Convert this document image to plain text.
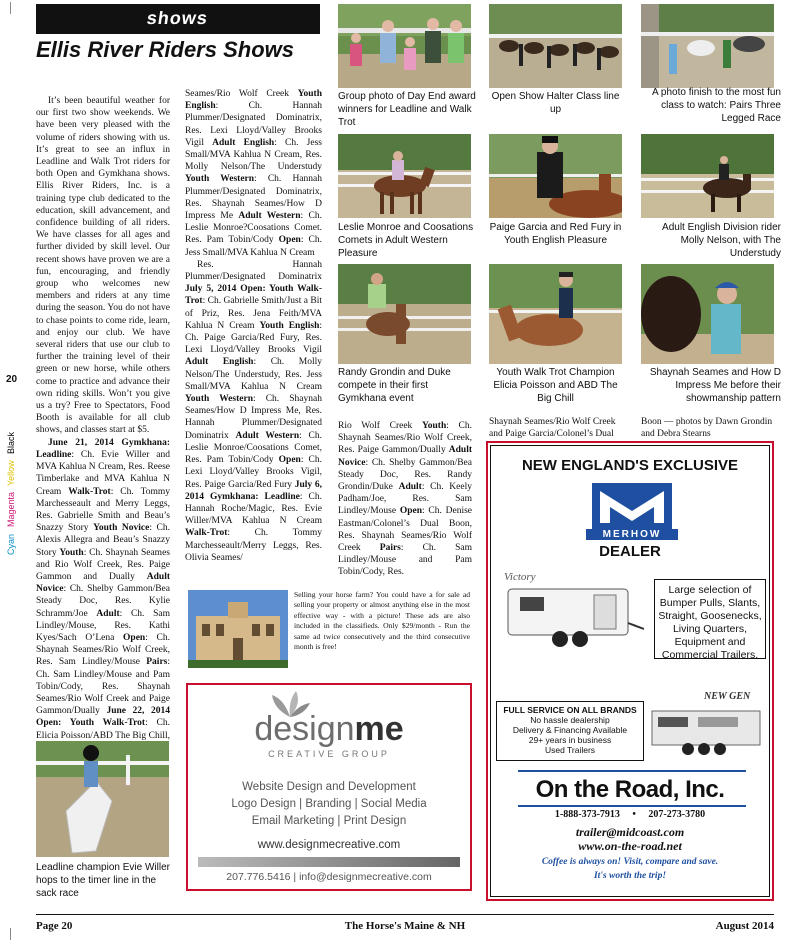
20
Cyan Magenta Yellow Black
shows
Ellis River Riders Shows

It’s been beautiful weather for our first two show weekends. We have been very pleased with the volume of riders showing with us. It’s great to see an influx in Leadline and Walk Trot riders for both Open and Gymkhana shows. Ellis River Riders, Inc. is a training type club dedicated to the education, skill advancement, and confidence building of all riders. We have classes for all ages and further divided by skill level. Our recent shows have proven we are a fun, encouraging, and friendly group who welcomes new members and riders at any time during the season. You do not have to chase points to come ride, learn, and enjoy our club. We have several riders that use our club to further the training level of their green or new horse, while others come to practice and advance their own riding skills. Won’t you give us a try? Free to Spectators, Food Booth is available for all club shows, and classes start at $5.

June 21, 2014 Gymkhana: Leadline: Ch. Evie Willer and MVA Kahlua N Cream, Res. Reese Timberlake and MVA Kahlua N Cream Walk-Trot: Ch. Tommy Marchesseault and Merry Leggs, Res. Gabrielle Smith and Beau’s Snazzy Story Youth Novice: Ch. Alexis Allegra and Beau’s Snazzy Story Youth: Ch. Shaynah Seames and Rio Wolf Creek, Res. Paige Gammon and Dually Adult Novice: Ch. Shelby Gammon/Bea Steady Doc, Res. Kylie Schramm/Joe Adult: Ch. Sam Lindley/Mouse, Res. Kathi Kyes/Sach O’Lena Open: Ch. Shaynah Seames/Rio Wolf Creek, Res. Sam Lindley/Mouse Pairs: Ch. Sam Lindley/Mouse and Pam Tobin/Cody, Res. Shaynah Seames/Rio Wolf Creek and Paige Gammon/Dually June 22, 2014 Open: Youth Walk-Trot: Ch. Elicia Poisson/ABD The Big Chill,

Seames/Rio Wolf Creek Youth English: Ch. Hannah Plummer/Designated Dominatrix, Res. Lexi Lloyd/Valley Brooks Vigil Adult English: Ch. Jess Small/MVA Kahlua N Cream, Res. Molly Nelson/The Understudy Youth Western: Ch. Hannah Plummer/Designated Dominatrix, Res. Shaynah Seames/How D Impress Me Adult Western: Ch. Leslie Monroe?Coosations Comet. Res. Pam Tobin/Cody Open: Ch. Jess Small/MVA Kahlua N Cream

Res. Hannah Plummer/Designated Dominatrix July 5, 2014 Open: Youth Walk-Trot: Ch. Gabrielle Smith/Just a Bit of Priz, Res. Jena Feith/MVA Kahlua N Cream Youth English: Ch. Paige Garcia/Red Fury, Res. Lexi Lloyd/Valley Brooks Vigil Adult English: Ch. Molly Nelson/The Understudy, Res. Jess Small/MVA Kahlua N Cream Youth Western: Ch. Shaynah Seames/How D Impress Me, Res. Hannah Plummer/Designated Dominatrix Adult Western: Ch. Leslie Monroe/Coosations Comet, Res. Pam Tobin/Cody Open: Ch. Lexi Lloyd/Valley Brooks Vigil, Res. Paige Garcia/Red Fury July 6, 2014 Gymkhana: Leadline: Ch. Hannah Roche/Magic, Res. Evie Willer/MVA Kahlua N Cream Walk-Trot: Ch. Tommy Marchesseault/Merry Leggs, Res. Olivia Seames/

Group photo of Day End award winners for Leadline and Walk Trot
Open Show Halter Class line up
A photo finish to the most fun class to watch: Pairs Three Legged Race
Leslie Monroe and Coosations Comets in Adult Western Pleasure
Paige Garcia and Red Fury in Youth English Pleasure
Adult English Division rider Molly Nelson, with The Understudy
Randy Grondin and Duke compete in their first Gymkhana event
Youth Walk Trot Champion Elicia Poisson and ABD The Big Chill
Shaynah Seames and How D Impress Me before their showmanship pattern

Rio Wolf Creek Youth: Ch. Shaynah Seames/Rio Wolf Creek, Res. Paige Gammon/Dually Adult Novice: Ch. Shelby Gammon/Bea Steady Doc, Res. Randy Grondin/Duke Adult: Ch. Keely Padham/Joe, Res. Sam Lindley/Mouse Open: Ch. Denise Eastman/Colonel’s Dual Boon, Res. Shaynah Seames/Rio Wolf Creek Pairs: Ch. Sam Lindley/Mouse and Pam Tobin/Cody, Res.

Shaynah Seames/Rio Wolf Creek and Paige Garcia/Colonel’s Dual
Boon — photos by Dawn Grondin and Debra Stearns
NEW ENGLAND'S EXCLUSIVE
MERHOW
DEALER
Victory
Large selection of Bumper Pulls, Slants, Straight, Goosenecks, Living Quarters, Equipment and Commercial Trailers.
FULL SERVICE ON ALL BRANDS
No hassle dealership
Delivery & Financing Available
29+ years in business
Used Trailers
NEW GEN
On the Road, Inc.
1-888-373-7913 • 207-273-3780
trailer@midcoast.com
www.on-the-road.net
Coffee is always on! Visit, compare and save.
It's worth the trip!
Selling your horse farm? You could have a for sale ad selling your property or almost anything else in the most effective way - with a picture! These ads are also included in the classifieds. Only $29/month - Run the same ad twice consecutively and the third consecutive month is free!
designme
CREATIVE GROUP
Website Design and Development
Logo Design | Branding | Social Media
Email Marketing | Print Design
www.designmecreative.com
207.776.5416 | info@designmecreative.com
Leadline champion Evie Willer hops to the timer line in the sack race
Page 20	The Horse's Maine & NH	August 2014
